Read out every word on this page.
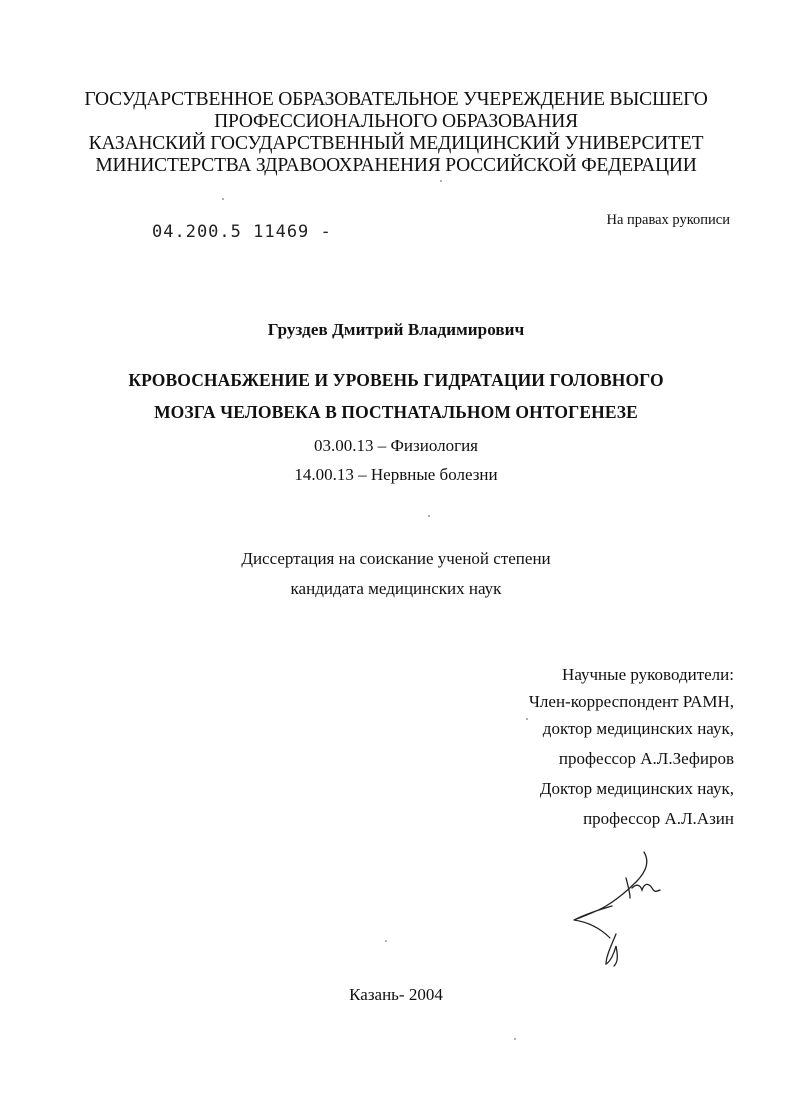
ГОСУДАРСТВЕННОЕ ОБРАЗОВАТЕЛЬНОЕ УЧЕРЕЖДЕНИЕ ВЫСШЕГО
ПРОФЕССИОНАЛЬНОГО ОБРАЗОВАНИЯ
КАЗАНСКИЙ ГОСУДАРСТВЕННЫЙ МЕДИЦИНСКИЙ УНИВЕРСИТЕТ
МИНИСТЕРСТВА ЗДРАВООХРАНЕНИЯ РОССИЙСКОЙ ФЕДЕРАЦИИ
04.200.5 11469 -
На правах рукописи
Груздев Дмитрий Владимирович
КРОВОСНАБЖЕНИЕ И УРОВЕНЬ ГИДРАТАЦИИ ГОЛОВНОГО
МОЗГА ЧЕЛОВЕКА В ПОСТНАТАЛЬНОМ ОНТОГЕНЕЗЕ
03.00.13 – Физиология
14.00.13 – Нервные болезни
Диссертация на соискание ученой степени
кандидата медицинских наук
Научные руководители:
Член-корреспондент РАМН,
доктор медицинских наук,
профессор А.Л.Зефиров
Доктор медицинских наук,
профессор А.Л.Азин
Казань- 2004
